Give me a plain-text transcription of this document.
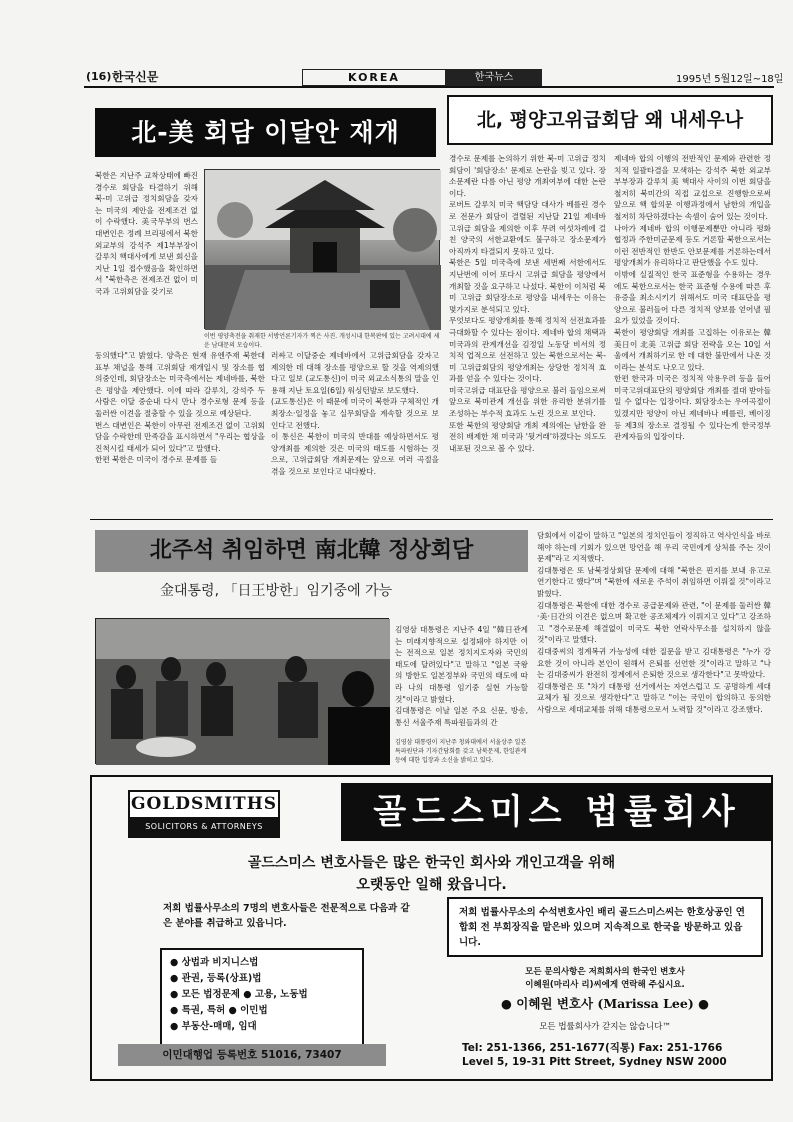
(16) 한국신문	KOREA	한국뉴스	1995년 5월12일~18일
北-美 회담 이달안 재개
북한은 지난주 교착상태에 빠진 경수로 회담을 타결하기 위해 북-미 고위급 정치회담을 갖자는 미국의 제안을 전제조건 없이 수락했다. 美국무부의 번스 대변인은 정례 브리핑에서 북한 외교부의 강석주 제1부부장이 갈루치 핵대사에게 보낸 회신을 지난 1일 접수했음을 확인하면서 "북한측은 전제조건 없이 미국과 고위회담을 갖기로
이번 평양축전을 취재한 서방언론기자가 찍은 사진. 개성시내 한복판에 있는 고려시대에 세운 남대문의 모습이다.
동의했다"고 밝혔다. 양측은 현재 유엔주재 북한대표부 채널을 통해 고위회담 재개일시 및 장소를 협의중인데, 회담장소는 미국측에서는 제네바를, 북한은 평양을 제안했다. 이에 따라 갈루치, 강석주 두 사람은 이달 중순내 다시 만나 경수로형 문제 등을 둘러싼 이견을 절충할 수 있을 것으로 예상된다.
번스 대변인은 북한이 아무런 전제조건 없이 고위회담을 수락한데 만족감을 표시하면서 "우리는 협상을 진척시킬 태세가 되어 있다"고 말했다.
한편 북한은 미국이 경수로 문제를 들
러싸고 이달중순 제네바에서 고위급회담을 갖자고 제의한 데 대해 장소를 평양으로 할 것을 역제의했다고 일보 (교도통신)이 미국 외교소식통의 말을 인용해 지난 토요일(6일) 워싱턴발로 보도했다.
(교도통신)은 이 때문에 미국이 북한과 구체적인 개최장소·일정을 놓고 실무회담을 계속할 것으로 보인다고 전했다.
이 통신은 북한이 미국의 반대를 예상하면서도 평양개최를 제의한 것은 미국의 태도를 시험하는 것으로, 고위급회담 개최문제는 앞으로 여러 곡절을 겪을 것으로 보인다고 내다봤다.
北, 평양고위급회담 왜 내세우나
경수로 문제를 논의하기 위한 북-미 고위급 정치회담이 '회담장소' 문제로 논란을 빚고 있다. 장소문제란 다름 아닌 평양 개최여부에 대한 논란이다.
로버트 갈루치 미국 핵담당 대사가 베를린 경수로 전문가 회담이 결렬된 지난달 21일 제네바 고위급 회담을 제의한 이후 무려 여섯차례에 걸친 양국의 서한교환에도 불구하고 장소문제가 아직까지 타결되지 못하고 있다.
북한은 5일 미국측에 보낸 세번째 서한에서도 지난번에 이어 또다시 고위급 회담을 평양에서 개최할 것을 요구하고 나섰다. 북한이 이처럼 북미 고위급 회담장소로 평양을 내세우는 이유는 몇가지로 분석되고 있다.
무엇보다도 평양개최를 통해 정치적 선전효과를 극대화할 수 있다는 점이다. 제네바 합의 채택과 미국과의 관계개선을 김정일 노동당 비서의 정치적 업적으로 선전하고 있는 북한으로서는 북-미 고위급회담의 평양개최는 상당한 정치적 효과를 얻을 수 있다는 것이다.
미국고위급 대표단을 평양으로 불러 들임으로써 앞으로 북미관계 개선을 위한 유리한 분위기를 조성하는 부수적 효과도 노린 것으로 보인다.
또한 북한의 평양회담 개최 제의에는 남한을 완전히 배제한 채 미국과 '뒷거래'하겠다는 의도도 내포된 것으로 볼 수 있다.
제네바 합의 이행의 전반적인 문제와 관련한 정치적 일괄타결을 모색하는 강석주 북한 외교부 부부장과 갈루치 美 핵대사 사이의 이번 회담을 철저히 북미간의 직접 교섭으로 진행함으로써 앞으로 핵 합의문 이행과정에서 남한의 개입을 철저히 차단하겠다는 속셈이 숨어 있는 것이다.
나아가 제네바 합의 이행문제뿐만 아니라 평화협정과 주한미군문제 등도 거론할 북한으로서는 이런 전반적인 한반도 안보문제를 거론하는데서 평양개최가 유리하다고 판단했을 수도 있다.
이밖에 실질적인 한국 표준형을 수용하는 경우에도 북한으로서는 한국 표준형 수용에 따른 후유증을 최소시키기 위해서도 미국 대표단을 평양으로 불러들어 다른 정치적 양보를 얻어낼 필요가 있었을 것이다.
북한이 평양회담 개최를 고집하는 이유로는 韓美日이 北美 고위급 회담 전략을 오는 10일 서울에서 개최하기로 한 데 대한 불만에서 나온 것이라는 분석도 나오고 있다.
한편 한국과 미국은 정치적 악용우려 등을 들어 미국고위대표단의 평양회담 개최를 절대 받아들일 수 없다는 입장이다. 회담장소는 우여곡절이 있겠지만 평양이 아닌 제네바나 베를린, 베이징 등 제3의 장소로 결정될 수 있다는게 한국정부 관계자들의 입장이다.
北주석 취임하면 南北韓 정상회담
金대통령, 「日王방한」임기중에 가능
김영삼 대통령은 지난주 4일 "韓日관계는 미래지향적으로 설정돼야 하지만 이는 전적으로 일본 정치지도자와 국민의 태도에 달려있다"고 말하고 "일본 국왕의 방한도 일본정부와 국민의 태도에 따라 나의 대통령 임기중 실현 가능할 것"이라고 밝혔다.
김대통령은 이날 일본 주요 신문, 방송, 통신 서울주재 특파원들과의 간
김영삼 대통령이 지난주 청와대에서 서울상주 일본특파원단과 기자간담회를 갖고 남북문제, 한일관계 등에 대한 입장과 소신을 밝히고 있다.
담회에서 이같이 말하고 "일본의 정치인들이 정직하고 역사인식을 바로해야 하는데 기회가 있으면 망언을 해 우리 국민에게 상처를 주는 것이 문제"라고 지적했다.
김대통령은 또 남북정상회담 문제에 대해 "북한은 핀지를 보내 유고로 연기한다고 했다"며 "북한에 새로운 주석이 취임하면 이뤄질 것"이라고 밝혔다.
김대통령은 북한에 대한 경수로 공급문제와 관련, "이 문제를 둘러싼 韓·美·日간의 이견은 없으며 확고한 공조체제가 이뤄지고 있다"고 강조하고 "경수로문제 해결없이 미국도 북한 연락사무소를 설치하지 않을 것"이라고 말했다.
김대중씨의 정계복귀 가능성에 대한 질문을 받고 김대통령은 "누가 강요한 것이 아니라 본인이 원해서 은퇴를 선언한 것"이라고 말하고 "나는 김대중씨가 완전히 정계에서 은퇴한 것으로 생각한다"고 못박았다.
김대통령은 또 "차기 대통령 선거에서는 자연스럽고 도 공명하게 세대교체가 될 것으로 생각한다"고 말하고 "이는 국민이 합의하고 동의한 사람으로 세대교체를 위해 대통령으로서 노력할 것"이라고 강조했다.
GOLDSMITHS
SOLICITORS & ATTORNEYS	골드스미스 법률회사
골드스미스 변호사들은 많은 한국인 회사와 개인고객을 위해
오랫동안 일해 왔읍니다.
저희 법률사무소의 7명의 변호사들은 전문적으로 다음과 같은 분야를 취급하고 있읍니다.
저희 법률사무소의 수석변호사인 배리 골드스미스씨는 한호상공인 연합회 전 부회장직을 맡은바 있으며 지속적으로 한국을 방문하고 있읍니다.
● 상법과 비지니스법
● 관권, 등록(상표)법
● 모든 법정문제 ● 고용, 노동법
● 특권, 특허 ● 이민법
● 부동산-매매, 임대
이민대행업 등록번호 51016, 73407
모든 문의사항은 저희회사의 한국인 변호사
이혜원(마리사 리)씨에게 연락해 주십시요.
● 이혜원 변호사 (Marissa Lee) ●
모든 법률회사가 갇지는 않습니다™
Tel: 251-1366, 251-1677(직통) Fax: 251-1766
Level 5, 19-31 Pitt Street, Sydney NSW 2000
